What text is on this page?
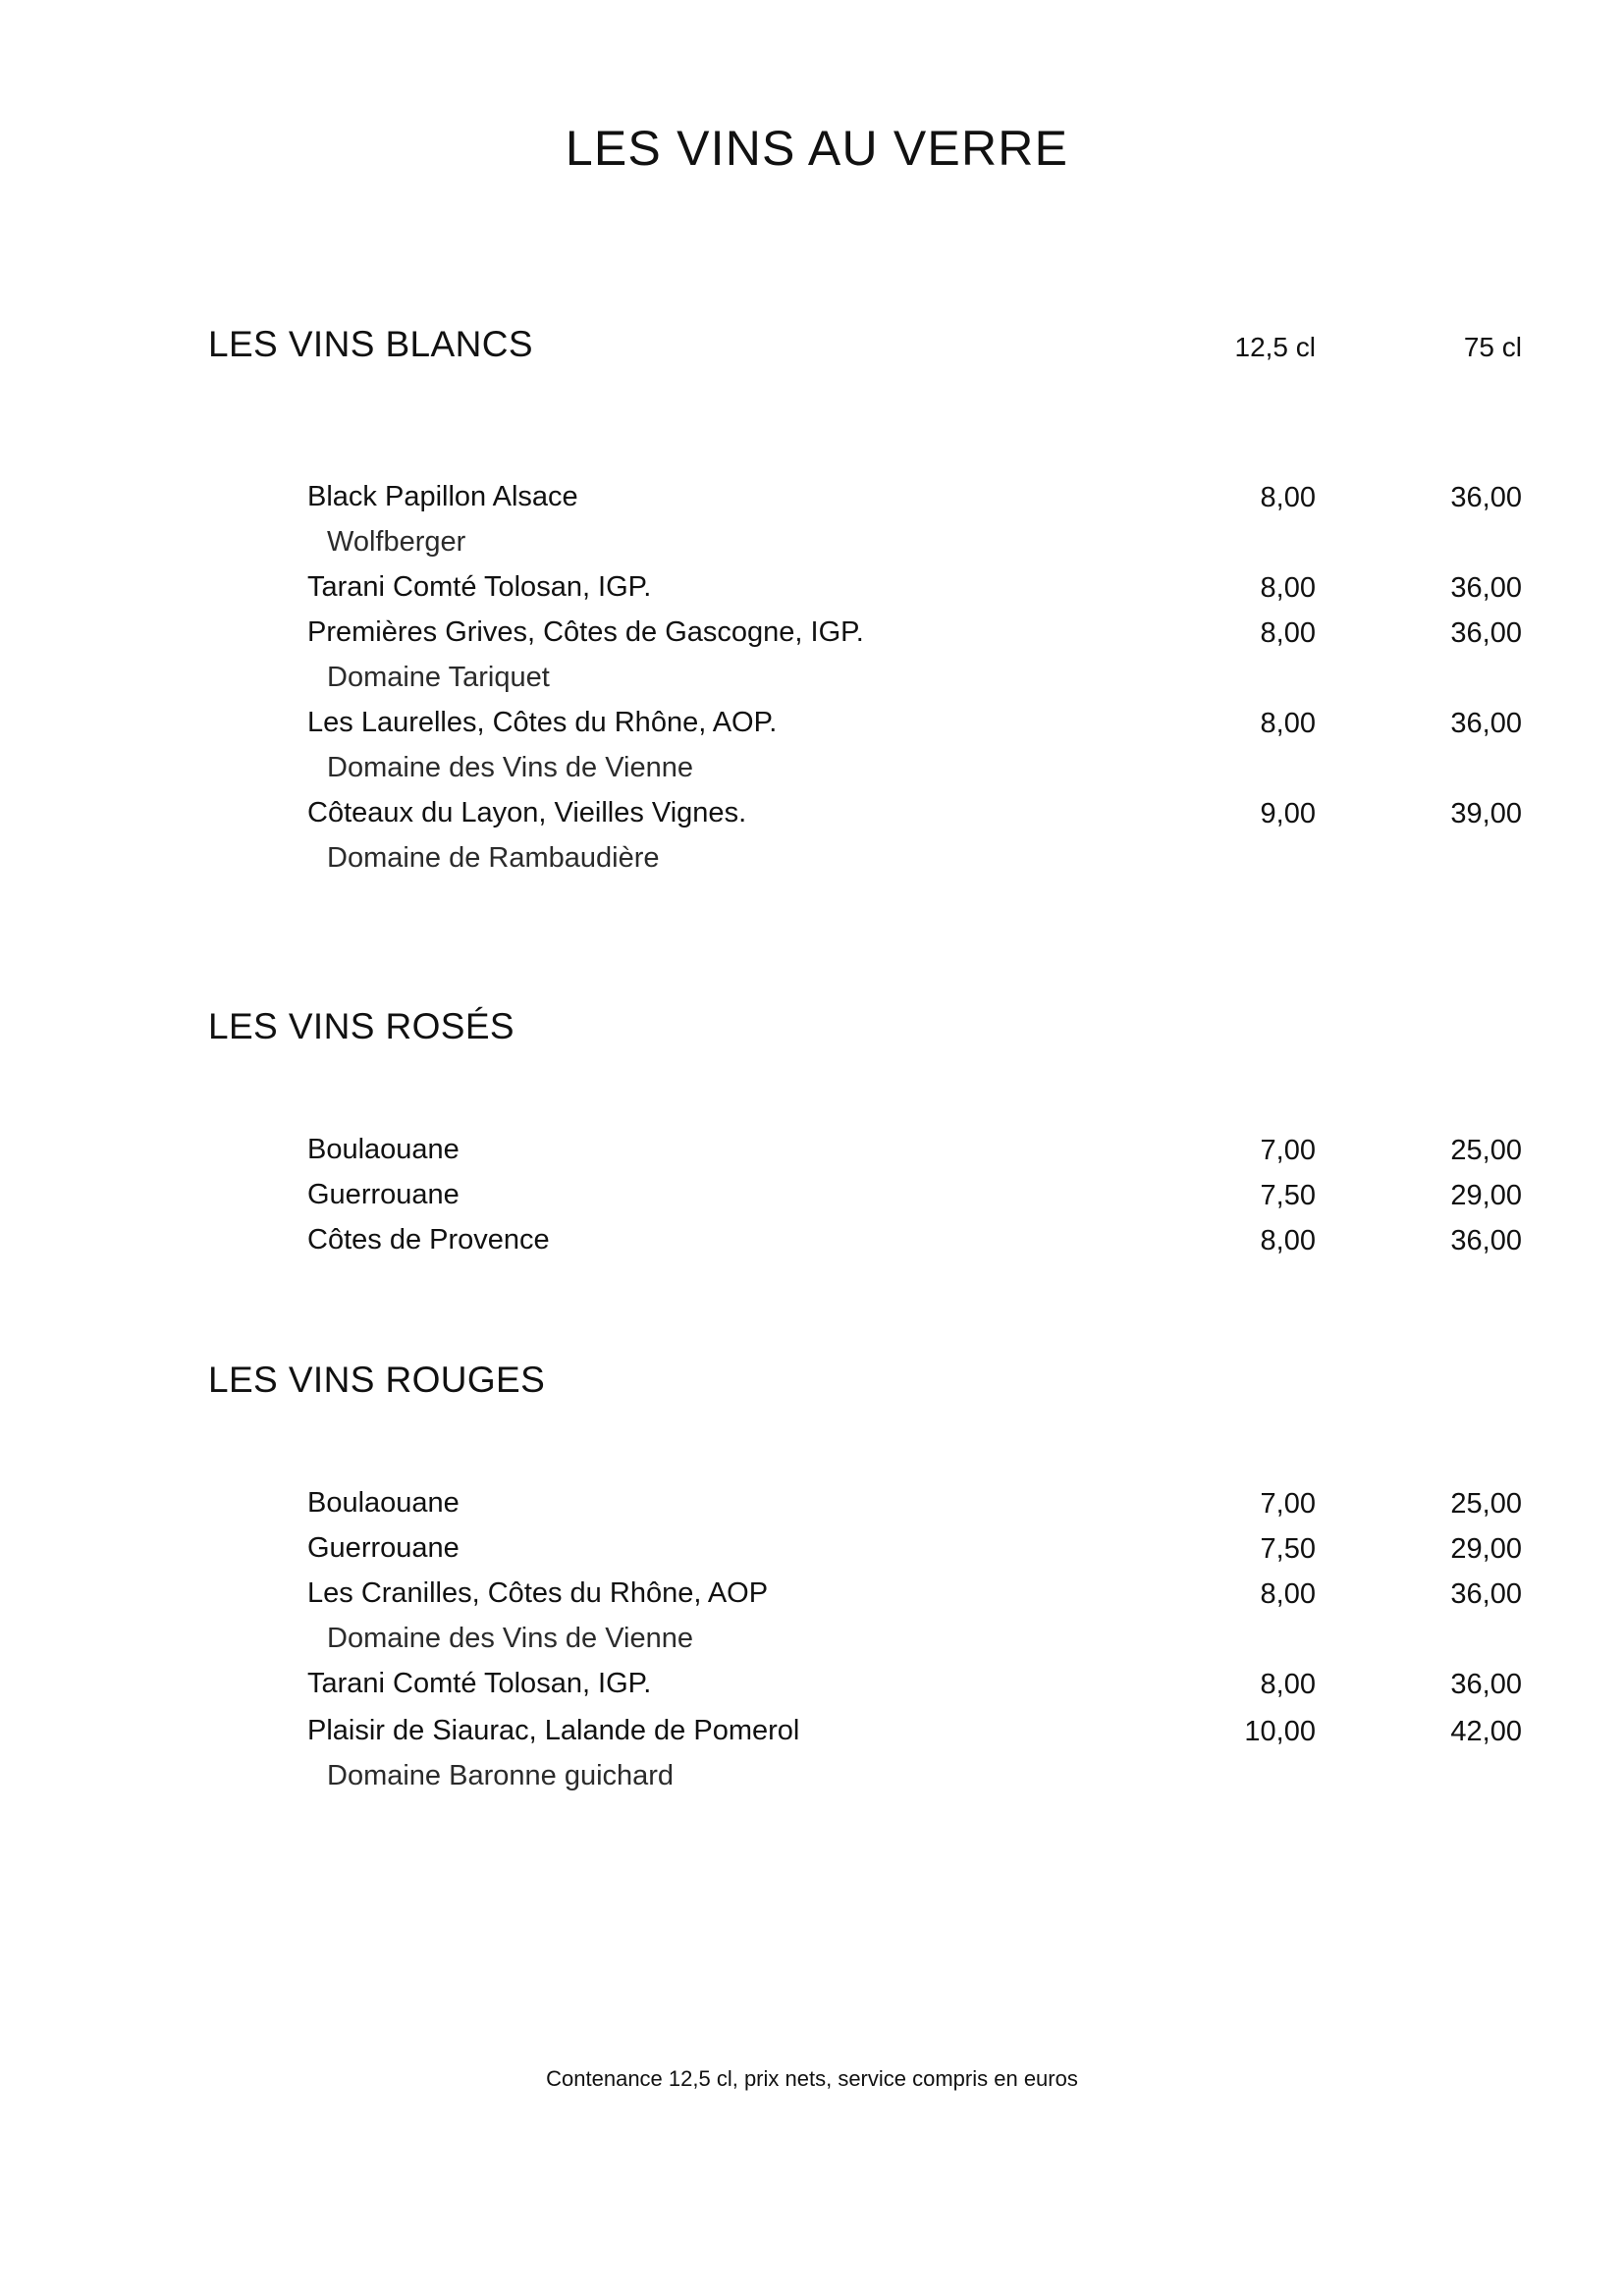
LES VINS AU VERRE
LES VINS BLANCS	12,5 cl	75 cl
Black Papillon Alsace	8,00	36,00
Wolfberger
Tarani Comté Tolosan, IGP.	8,00	36,00
Premières Grives, Côtes de Gascogne, IGP.	8,00	36,00
Domaine Tariquet
Les Laurelles, Côtes du Rhône, AOP.	8,00	36,00
Domaine des Vins de Vienne
Côteaux du Layon, Vieilles Vignes.	9,00	39,00
Domaine de Rambaudière
LES VINS ROSÉS
Boulaouane	7,00	25,00
Guerrouane	7,50	29,00
Côtes de Provence	8,00	36,00
LES VINS ROUGES
Boulaouane	7,00	25,00
Guerrouane	7,50	29,00
Les Cranilles, Côtes du Rhône, AOP	8,00	36,00
Domaine des Vins de Vienne
Tarani Comté Tolosan, IGP.	8,00	36,00
Plaisir de Siaurac, Lalande de Pomerol	10,00	42,00
Domaine Baronne guichard
Contenance 12,5 cl, prix nets, service compris en euros
